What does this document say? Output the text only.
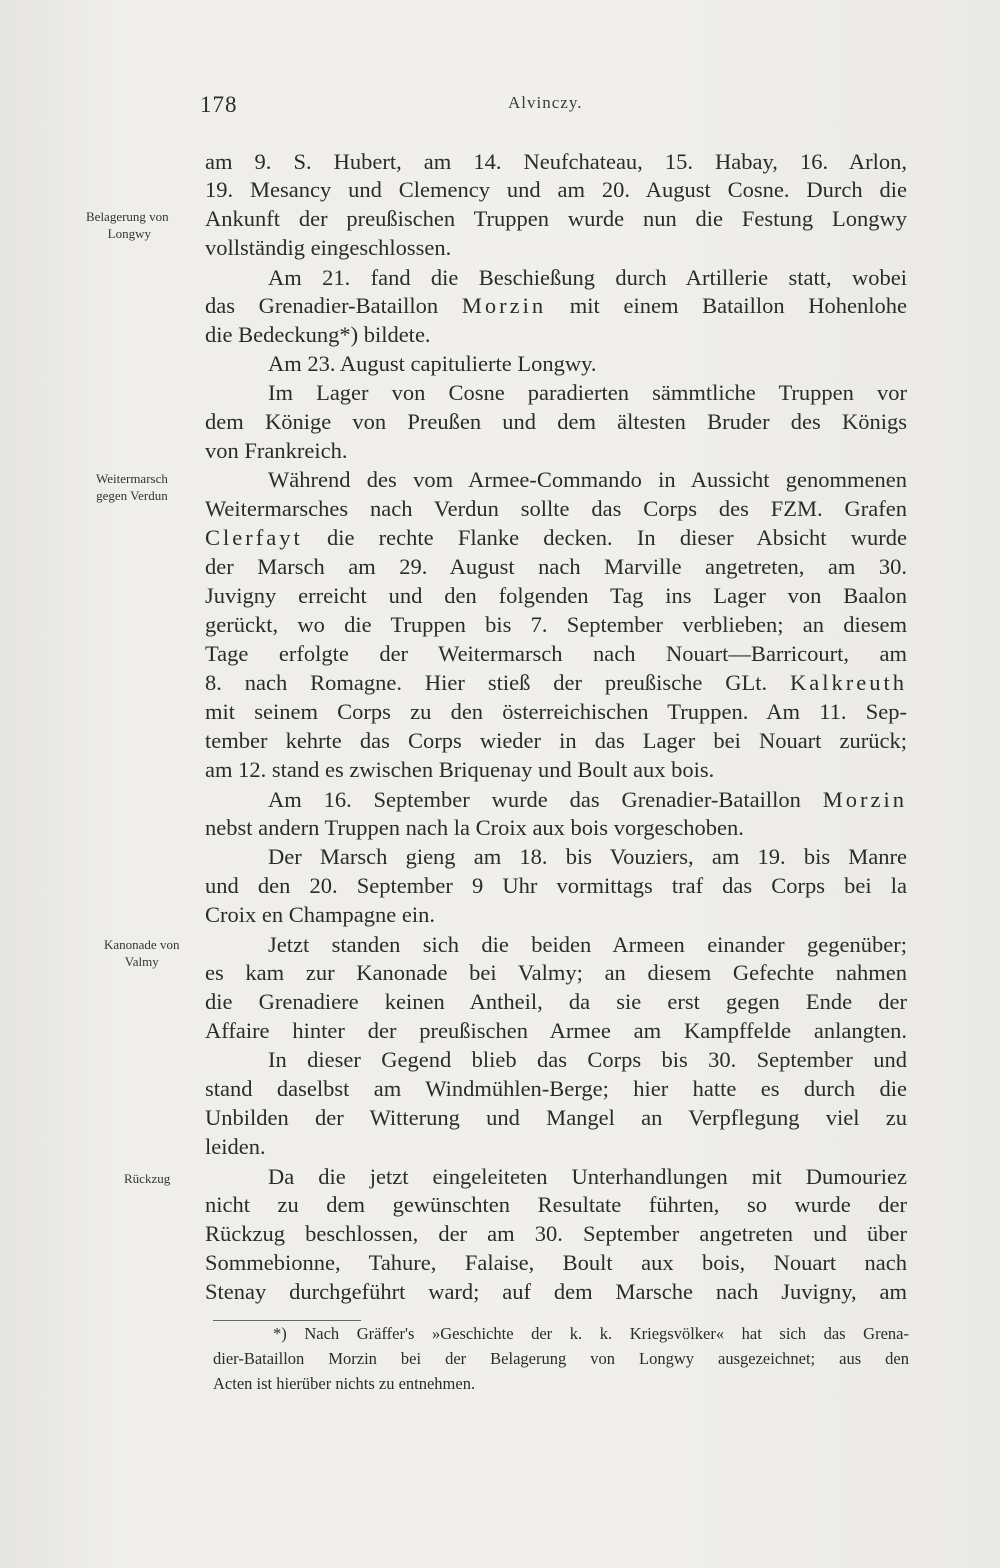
178	Alvinczy.
Belagerung von
Longwy
Weitermarsch
gegen Verdun
Kanonade von
Valmy
Rückzug
am 9. S. Hubert, am 14. Neufchateau, 15. Habay, 16. Arlon,
19. Mesancy und Clemency und am 20. August Cosne. Durch die
Ankunft der preußischen Truppen wurde nun die Festung Longwy
vollständig eingeschlossen.
Am 21. fand die Beschießung durch Artillerie statt, wobei
das Grenadier-Bataillon Morzin mit einem Bataillon Hohenlohe
die Bedeckung*) bildete.
Am 23. August capitulierte Longwy.
Im Lager von Cosne paradierten sämmtliche Truppen vor
dem Könige von Preußen und dem ältesten Bruder des Königs
von Frankreich.
Während des vom Armee-Commando in Aussicht genommenen
Weitermarsches nach Verdun sollte das Corps des FZM. Grafen
Clerfayt die rechte Flanke decken. In dieser Absicht wurde
der Marsch am 29. August nach Marville angetreten, am 30.
Juvigny erreicht und den folgenden Tag ins Lager von Baalon
gerückt, wo die Truppen bis 7. September verblieben; an diesem
Tage erfolgte der Weitermarsch nach Nouart—Barricourt, am
8. nach Romagne. Hier stieß der preußische GLt. Kalkreuth
mit seinem Corps zu den österreichischen Truppen. Am 11. Sep-
tember kehrte das Corps wieder in das Lager bei Nouart zurück;
am 12. stand es zwischen Briquenay und Boult aux bois.
Am 16. September wurde das Grenadier-Bataillon Morzin
nebst andern Truppen nach la Croix aux bois vorgeschoben.
Der Marsch gieng am 18. bis Vouziers, am 19. bis Manre
und den 20. September 9 Uhr vormittags traf das Corps bei la
Croix en Champagne ein.
Jetzt standen sich die beiden Armeen einander gegenüber;
es kam zur Kanonade bei Valmy; an diesem Gefechte nahmen
die Grenadiere keinen Antheil, da sie erst gegen Ende der
Affaire hinter der preußischen Armee am Kampffelde anlangten.
In dieser Gegend blieb das Corps bis 30. September und
stand daselbst am Windmühlen-Berge; hier hatte es durch die
Unbilden der Witterung und Mangel an Verpflegung viel zu
leiden.
Da die jetzt eingeleiteten Unterhandlungen mit Dumouriez
nicht zu dem gewünschten Resultate führten, so wurde der
Rückzug beschlossen, der am 30. September angetreten und über
Sommebionne, Tahure, Falaise, Boult aux bois, Nouart nach
Stenay durchgeführt ward; auf dem Marsche nach Juvigny, am
*) Nach Gräffer's »Geschichte der k. k. Kriegsvölker« hat sich das Grena-
dier-Bataillon Morzin bei der Belagerung von Longwy ausgezeichnet; aus den
Acten ist hierüber nichts zu entnehmen.
